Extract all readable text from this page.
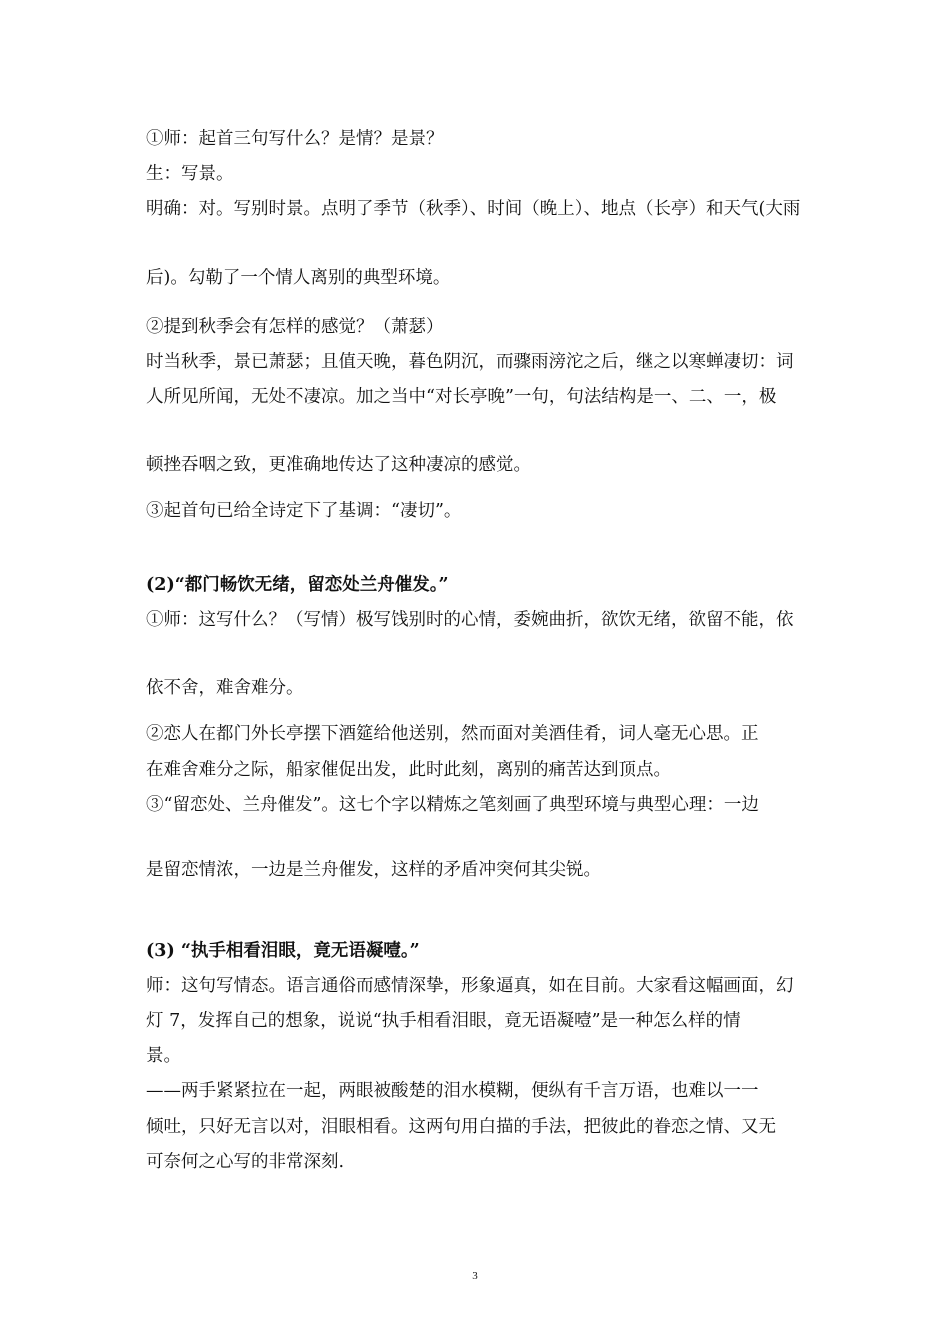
①师：起首三句写什么？是情？是景？
生：写景。
明确：对。写别时景。点明了季节（秋季）、时间（晚上）、地点（长亭）和天气(大雨
后)。勾勒了一个情人离别的典型环境。
②提到秋季会有怎样的感觉？（萧瑟）
时当秋季，景已萧瑟；且值天晚，暮色阴沉，而骤雨滂沱之后，继之以寒蝉凄切：词
人所见所闻，无处不凄凉。加之当中“对长亭晚”一句，句法结构是一、二、一，极
顿挫吞咽之致，更准确地传达了这种凄凉的感觉。
③起首句已给全诗定下了基调：“凄切”。
(2)“都门畅饮无绪，留恋处兰舟催发。”
①师：这写什么？（写情）极写饯别时的心情，委婉曲折，欲饮无绪，欲留不能，依
依不舍，难舍难分。
②恋人在都门外长亭摆下酒筵给他送别，然而面对美酒佳肴，词人毫无心思。正
在难舍难分之际，船家催促出发，此时此刻，离别的痛苦达到顶点。
③“留恋处、兰舟催发”。这七个字以精炼之笔刻画了典型环境与典型心理：一边
是留恋情浓，一边是兰舟催发，这样的矛盾冲突何其尖锐。
(3) “执手相看泪眼，竟无语凝噎。”
师：这句写情态。语言通俗而感情深挚，形象逼真，如在目前。大家看这幅画面，幻
灯 7，发挥自己的想象，说说“执手相看泪眼，竟无语凝噎”是一种怎么样的情
景。
——两手紧紧拉在一起，两眼被酸楚的泪水模糊，便纵有千言万语，也难以一一
倾吐，只好无言以对，泪眼相看。这两句用白描的手法，把彼此的眷恋之情、又无
可奈何之心写的非常深刻.
3
